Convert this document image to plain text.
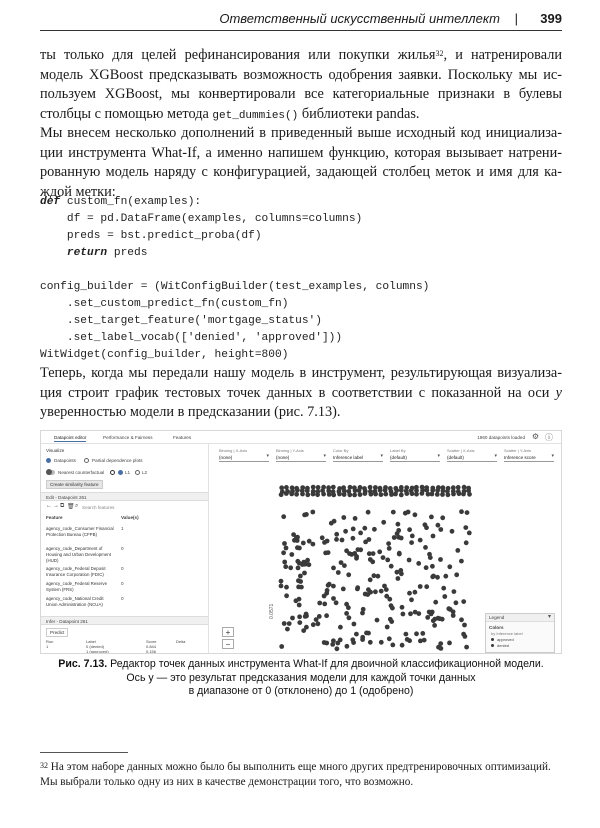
Ответственный искусственный интеллект | 399
ты только для целей рефинансирования или покупки жилья$^{32}$, и натренировали
модель XGBoost предсказывать возможность одобрения заявки. Поскольку мы ис-
пользуем XGBoost, мы конвертировали все категориальные признаки в булевы
столбцы с помощью метода get_dummies() библиотеки pandas.
Мы внесем несколько дополнений в приведенный выше исходный код инициализа-
ции инструмента What-If, а именно напишем функцию, которая вызывает натрени-
рованную модель наряду с конфигурацией, задающей столбец меток и имя для ка-
ждой метки:
def custom_fn(examples):
df = pd.DataFrame(examples, columns=columns)
preds = bst.predict_proba(df)
return preds

config_builder = (WitConfigBuilder(test_examples, columns)
.set_custom_predict_fn(custom_fn)
.set_target_feature('mortgage_status')
.set_label_vocab(['denied', 'approved']))
WitWidget(config_builder, height=800)
Теперь, когда мы передали нашу модель в инструмент, результирующая визуализа-
ция строит график тестовых точек данных в соответствии с показанной на оси y
уверенностью модели в предсказании (рис. 7.13).
Datapoint editor	Performance & Fairness	Features	1960 datapoints loaded ⚙ ⓘ
Visualize
Datapoints	Partial dependence plots
Nearest counterfactual	L1	L2
Create similarity feature
Edit - Datapoint 261
← → ⧉ 🗑 ⌕ Search features
Feature	Value(s)
agency_code_Consumer Financial Protection Bureau (CFPB)
1
agency_code_Department of Housing and Urban Development (HUD)
0
agency_code_Federal Deposit Insurance Corporation (FDIC)
0
agency_code_Federal Reserve System (FRS)
0
agency_code_National Credit Union Administration (NCUA)
0
Infer - Datapoint 261
Predict
Run	Label	Score	Delta
1	0 (denied)	0.844
1 (approved)	0.156
Binning | X-Axis
(none)	▾
Binning | Y-Axis
(none)	▾
Color By
Inference label	▾
Label By
(default)	▾
Scatter | X-Axis
(default)	▾
Scatter | Y-Axis
Inference score	▾
+
−
0.0571	Legend	▾
Colors
by Inference label
approved
denied
Рис. 7.13. Редактор точек данных инструмента What-If для двоичной классификационной модели.
Ось y — это результат предсказания модели для каждой точки данных
в диапазоне от 0 (отклонено) до 1 (одобрено)
$^{32}$ На этом наборе данных можно было бы выполнить еще много других предтренировочных оптимизаций.
Мы выбрали только одну из них в качестве демонстрации того, что возможно.
